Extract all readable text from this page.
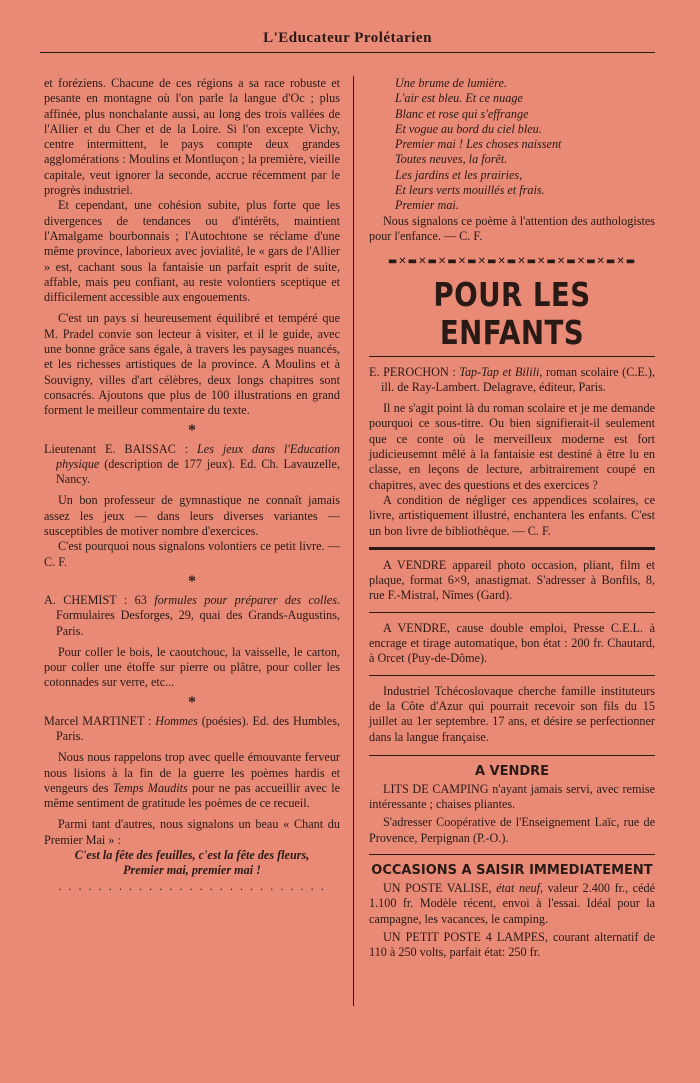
L'Educateur Prolétarien

et foréziens. Chacune de ces régions a sa race robuste et pesante en montagne où l'on parle la langue d'Oc ; plus affinée, plus nonchalante aussi, au long des trois vallées de l'Allier et du Cher et de la Loire. Si l'on excepte Vichy, centre intermittent, le pays compte deux grandes agglomérations : Moulins et Montluçon ; la première, vieille capitale, veut ignorer la seconde, accrue récemment par le progrès industriel.

Et cependant, une cohésion subite, plus forte que les divergences de tendances ou d'intérêts, maintient l'Amalgame bourbonnais ; l'Autochtone se réclame d'une même province, laborieux avec jovialité, le « gars de l'Allier » est, cachant sous la fantaisie un parfait esprit de suite, affable, mais peu confiant, au reste volontiers sceptique et difficilement accessible aux engouements.

C'est un pays si heureusement équilibré et tempéré que M. Pradel convie son lecteur à visiter, et il le guide, avec une bonne grâce sans égale, à travers les paysages nuancés, et les richesses artistiques de la province. A Moulins et à Souvigny, villes d'art célèbres, deux longs chapitres sont consacrés. Ajoutons que plus de 100 illustrations en grand forment le meilleur commentaire du texte.

*

Lieutenant E. BAISSAC : Les jeux dans l'Education physique (description de 177 jeux). Ed. Ch. Lavauzelle, Nancy.

Un bon professeur de gymnastique ne connaît jamais assez les jeux — dans leurs diverses variantes — susceptibles de motiver nombre d'exercices.

C'est pourquoi nous signalons volontiers ce petit livre. — C. F.

*

A. CHEMIST : 63 formules pour préparer des colles. Formulaires Desforges, 29, quai des Grands-Augustins, Paris.

Pour coller le bois, le caoutchouc, la vaisselle, le carton, pour coller une étoffe sur pierre ou plâtre, pour coller les cotonnades sur verre, etc...

*

Marcel MARTINET : Hommes (poésies). Ed. des Humbles, Paris.

Nous nous rappelons trop avec quelle émouvante ferveur nous lisions à la fin de la guerre les poèmes hardis et vengeurs des Temps Maudits pour ne pas accueillir avec le même sentiment de gratitude les poèmes de ce recueil.

Parmi tant d'autres, nous signalons un beau « Chant du Premier Mai » :

C'est la fête des feuilles, c'est la fête des fleurs,

Premier mai, premier mai !

. . . . . . . . . . . . . . . . . . . . . . . . . . .

Une brume de lumière.
L'air est bleu. Et ce nuage
Blanc et rose qui s'effrange
Et vogue au bord du ciel bleu.
Premier mai ! Les choses naissent
Toutes neuves, la forêt.
Les jardins et les prairies,
Et leurs verts mouillés et frais.
Premier mai.

Nous signalons ce poème à l'attention des authologistes pour l'enfance. — C. F.

▬✕▬✕▬✕▬✕▬✕▬✕▬✕▬✕▬✕▬✕▬✕▬✕▬
POUR LES ENFANTS

E. PEROCHON : Tap-Tap et Bilili, roman scolaire (C.E.), ill. de Ray-Lambert. Delagrave, éditeur, Paris.

Il ne s'agit point là du roman scolaire et je me demande pourquoi ce sous-titre. Ou bien signifierait-il seulement que ce conte où le merveilleux moderne est fort judicieusemnt mêlé à la fantaisie est destiné à être lu en classe, en leçons de lecture, arbitrairement coupé en chapitres, avec des questions et des exercices ?

A condition de négliger ces appendices scolaires, ce livre, artistiquement illustré, enchantera les enfants. C'est un bon livre de bibliothèque. — C. F.

A VENDRE appareil photo occasion, pliant, film et plaque, format 6×9, anastigmat. S'adresser à Bonfils, 8, rue F.-Mistral, Nîmes (Gard).

A VENDRE, cause double emploi, Presse C.E.L. à encrage et tirage automatique, bon état : 200 fr. Chautard, à Orcet (Puy-de-Dôme).

Industriel Tchécoslovaque cherche famille instituteurs de la Côte d'Azur qui pourrait recevoir son fils du 15 juillet au 1er septembre. 17 ans, et désire se perfectionner dans la langue française.

A VENDRE

LITS DE CAMPING n'ayant jamais servi, avec remise intéressante ; chaises pliantes.

S'adresser Coopérative de l'Enseignement Laïc, rue de Provence, Perpignan (P.-O.).

OCCASIONS A SAISIR IMMEDIATEMENT

UN POSTE VALISE, état neuf, valeur 2.400 fr., cédé 1.100 fr. Modèle récent, envoi à l'essai. Idéal pour la campagne, les vacances, le camping.

UN PETIT POSTE 4 LAMPES, courant alternatif de 110 à 250 volts, parfait état: 250 fr.
